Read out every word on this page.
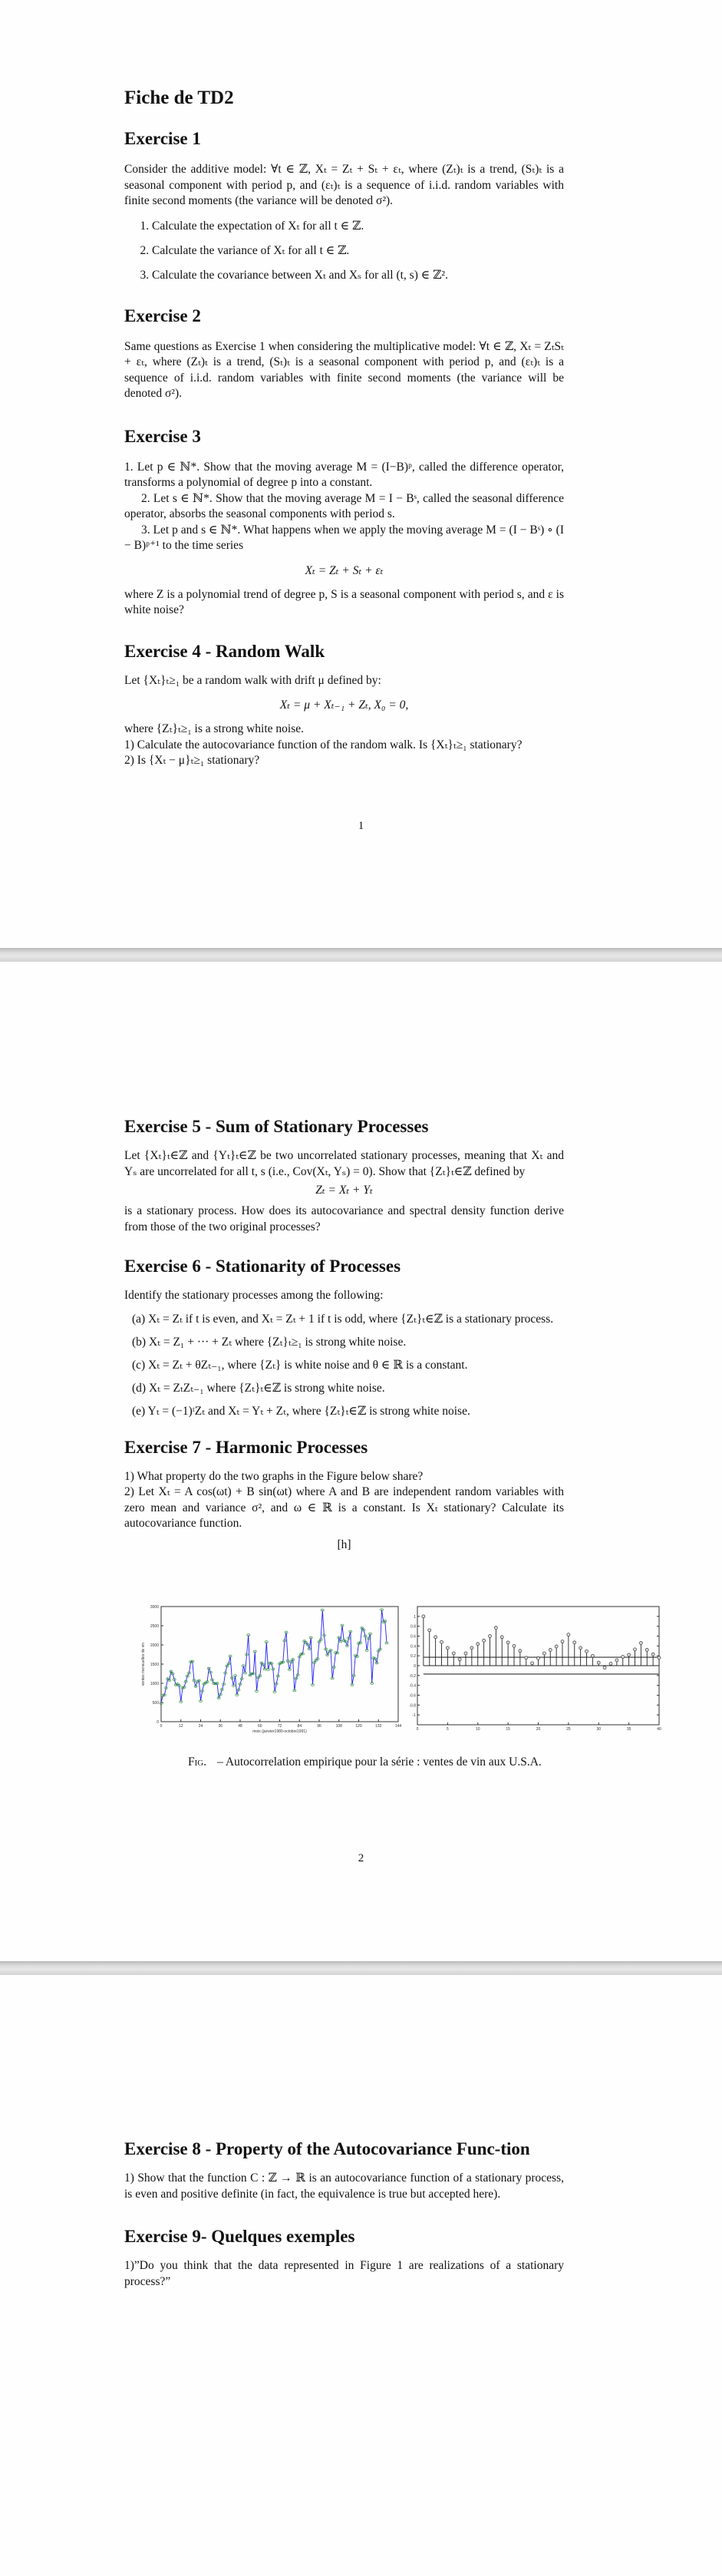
Fiche de TD2
Exercise 1

Consider the additive model: ∀t ∈ ℤ, Xₜ = Zₜ + Sₜ + εₜ, where (Zₜ)ₜ is a trend, (Sₜ)ₜ is a seasonal component with period p, and (εₜ)ₜ is a sequence of i.i.d. random variables with finite second moments (the variance will be denoted σ²).

1. Calculate the expectation of Xₜ for all t ∈ ℤ.
2. Calculate the variance of Xₜ for all t ∈ ℤ.
3. Calculate the covariance between Xₜ and Xₛ for all (t, s) ∈ ℤ².
Exercise 2

Same questions as Exercise 1 when considering the multiplicative model: ∀t ∈ ℤ, Xₜ = ZₜSₜ + εₜ, where (Zₜ)ₜ is a trend, (Sₜ)ₜ is a seasonal component with period p, and (εₜ)ₜ is a sequence of i.i.d. random variables with finite second moments (the variance will be denoted σ²).

Exercise 3

1. Let p ∈ ℕ*. Show that the moving average M = (I−B)ᵖ, called the difference operator, transforms a polynomial of degree p into a constant.

2. Let s ∈ ℕ*. Show that the moving average M = I − Bˢ, called the seasonal difference operator, absorbs the seasonal components with period s.

3. Let p and s ∈ ℕ*. What happens when we apply the moving average M = (I − Bˢ) ∘ (I − B)ᵖ⁺¹ to the time series

Xₜ = Zₜ + Sₜ + εₜ

where Z is a polynomial trend of degree p, S is a seasonal component with period s, and ε is white noise?

Exercise 4 - Random Walk

Let {Xₜ}ₜ≥₁ be a random walk with drift μ defined by:

Xₜ = μ + Xₜ₋₁ + Zₜ, X₀ = 0,

where {Zₜ}ₜ≥₁ is a strong white noise.

1) Calculate the autocovariance function of the random walk. Is {Xₜ}ₜ≥₁ stationary?

2) Is {Xₜ − μ}ₜ≥₁ stationary?

1
Exercise 5 - Sum of Stationary Processes

Let {Xₜ}ₜ∈ℤ and {Yₜ}ₜ∈ℤ be two uncorrelated stationary processes, meaning that Xₜ and Yₛ are uncorrelated for all t, s (i.e., Cov(Xₜ, Yₛ) = 0). Show that {Zₜ}ₜ∈ℤ defined by

Zₜ = Xₜ + Yₜ

is a stationary process. How does its autocovariance and spectral density function derive from those of the two original processes?

Exercise 6 - Stationarity of Processes

Identify the stationary processes among the following:

(a) Xₜ = Zₜ if t is even, and Xₜ = Zₜ + 1 if t is odd, where {Zₜ}ₜ∈ℤ is a stationary process.
(b) Xₜ = Z₁ + ··· + Zₜ where {Zₜ}ₜ≥₁ is strong white noise.
(c) Xₜ = Zₜ + θZₜ₋₁, where {Zₜ} is white noise and θ ∈ ℝ is a constant.
(d) Xₜ = ZₜZₜ₋₁ where {Zₜ}ₜ∈ℤ is strong white noise.
(e) Yₜ = (−1)ᵗZₜ and Xₜ = Yₜ + Zₜ, where {Zₜ}ₜ∈ℤ is strong white noise.
Exercise 7 - Harmonic Processes

1) What property do the two graphs in the Figure below share?

2) Let Xₜ = A cos(ωt) + B sin(ωt) where A and B are independent random variables with zero mean and variance σ², and ω ∈ ℝ is a constant. Is Xₜ stationary? Calculate its autocovariance function.

[h]
0
500
1000
1500
2000
2500
3000
0	12	24	36	48	60	72	84	96	108	120	132	144
mois (janvier1980-octobre1991)
ventes mensuelles de vin
-1
-0.8
-0.6
-0.4
-0.2
0
0.2
0.4
0.6
0.8
1
0	5	10	15	20	25	30	35	40
Fig. – Autocorrelation empirique pour la série : ventes de vin aux U.S.A.
2
Exercise 8 - Property of the Autocovariance Func-tion

1) Show that the function C : ℤ → ℝ is an autocovariance function of a stationary process, is even and positive definite (in fact, the equivalence is true but accepted here).

Exercise 9- Quelques exemples

1)”Do you think that the data represented in Figure 1 are realizations of a stationary process?”
